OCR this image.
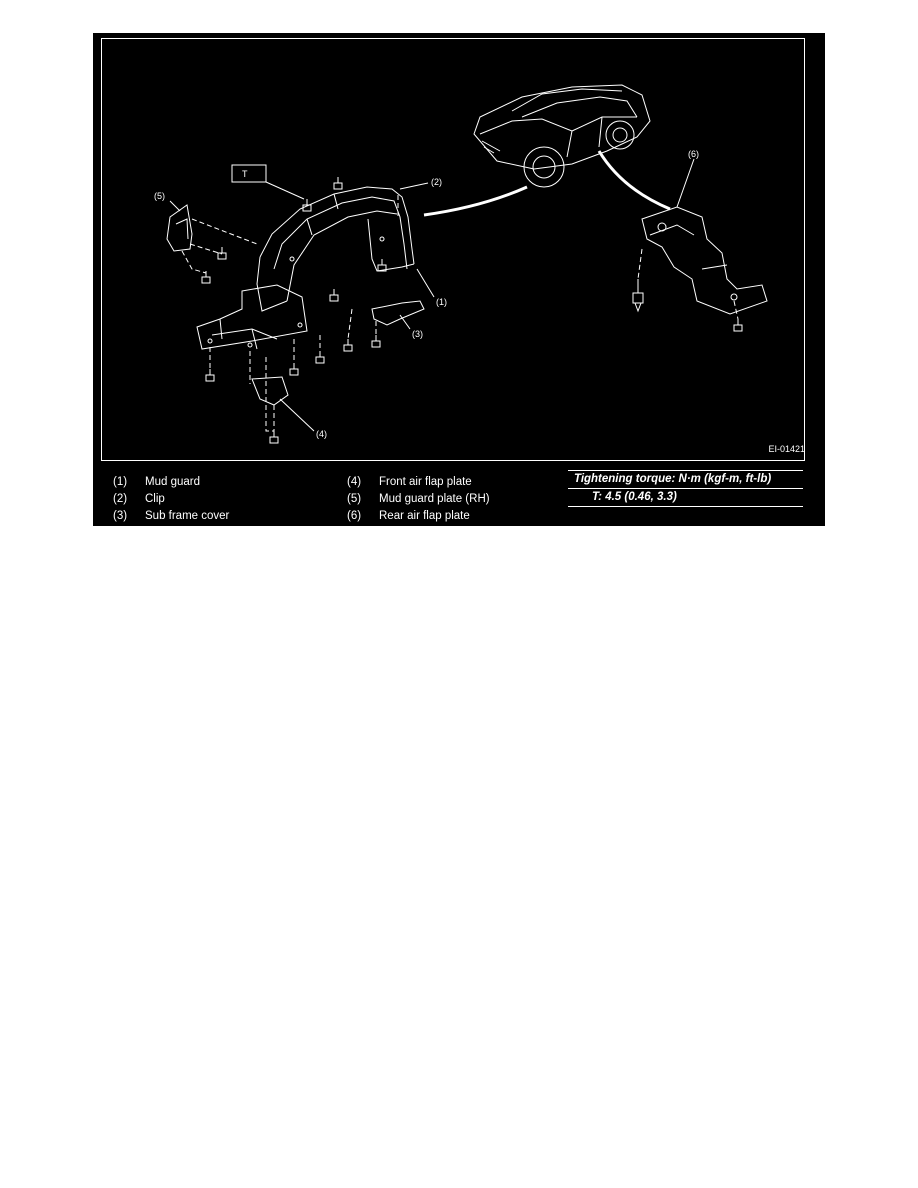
T
(2)
(1)
(3)
(4)
(5)
(6)
EI-01421
(1) Mud guard
(2) Clip
(3) Sub frame cover
(4) Front air flap plate
(5) Mud guard plate (RH)
(6) Rear air flap plate
Tightening torque: N·m (kgf-m, ft-lb)
T: 4.5 (0.46, 3.3)
